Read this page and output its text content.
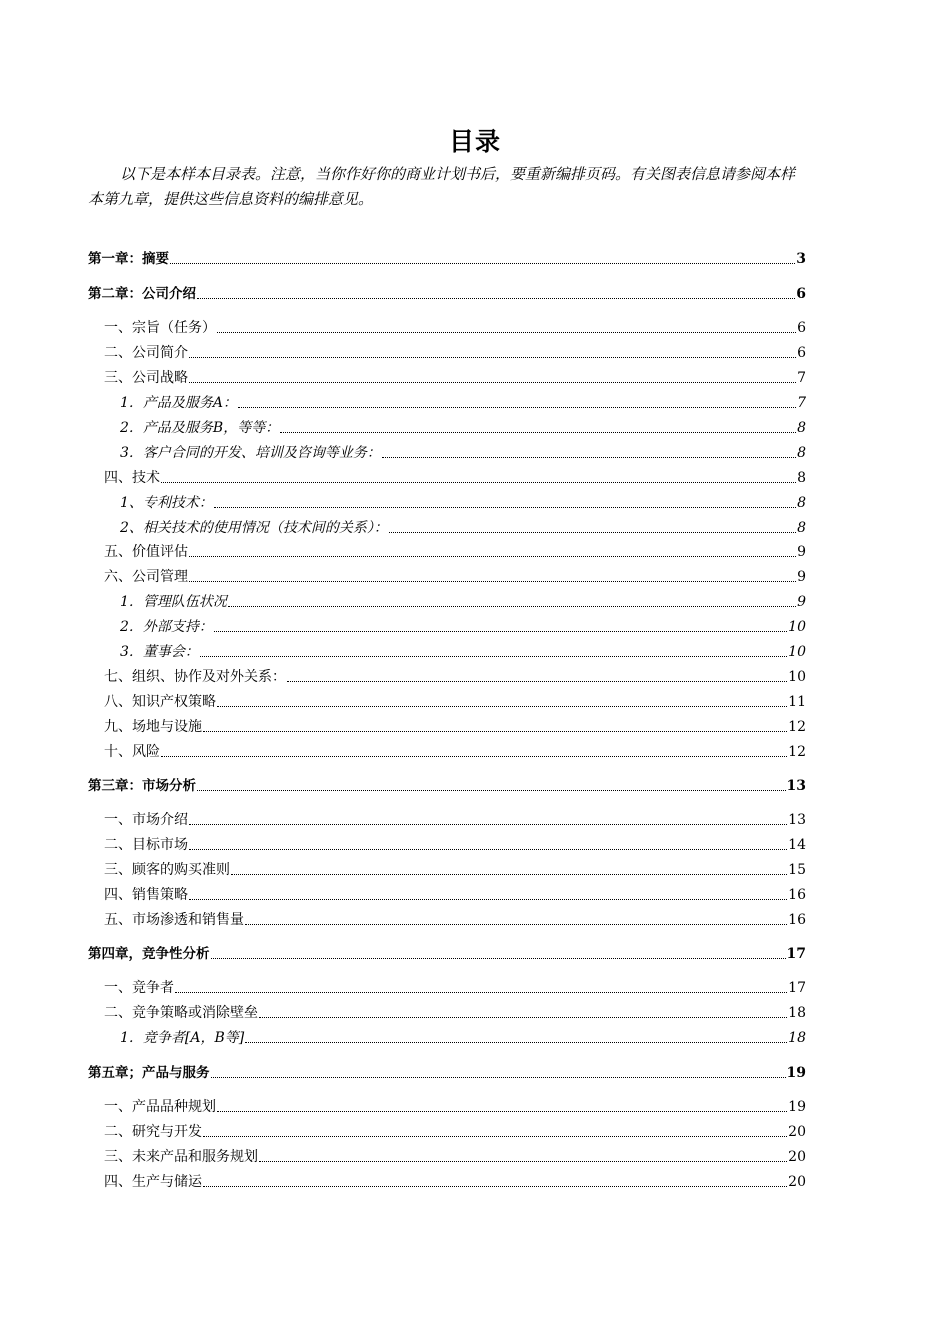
目录
以下是本样本目录表。注意，当你作好你的商业计划书后，要重新编排页码。有关图表信息请参阅本样本第九章，提供这些信息资料的编排意见。
第一章：摘要	3
第二章：公司介绍	6
一、宗旨（任务）	6
二、公司简介	6
三、公司战略	7
1．产品及服务A：	7
2．产品及服务B，等等：	8
3．客户合同的开发、培训及咨询等业务：	8
四、技术	8
1、专利技术：	8
2、相关技术的使用情况（技术间的关系）：	8
五、价值评估	9
六、公司管理	9
1．管理队伍状况	9
2．外部支持：	10
3．董事会：	10
七、组织、协作及对外关系：	10
八、知识产权策略	11
九、场地与设施	12
十、风险	12
第三章：市场分析	13
一、市场介绍	13
二、目标市场	14
三、顾客的购买准则	15
四、销售策略	16
五、市场渗透和销售量	16
第四章，竞争性分析	17
一、竞争者	17
二、竞争策略或消除壁垒	18
1．竞争者[A，B等]	18
第五章；产品与服务	19
一、产品品种规划	19
二、研究与开发	20
三、未来产品和服务规划	20
四、生产与储运	20
